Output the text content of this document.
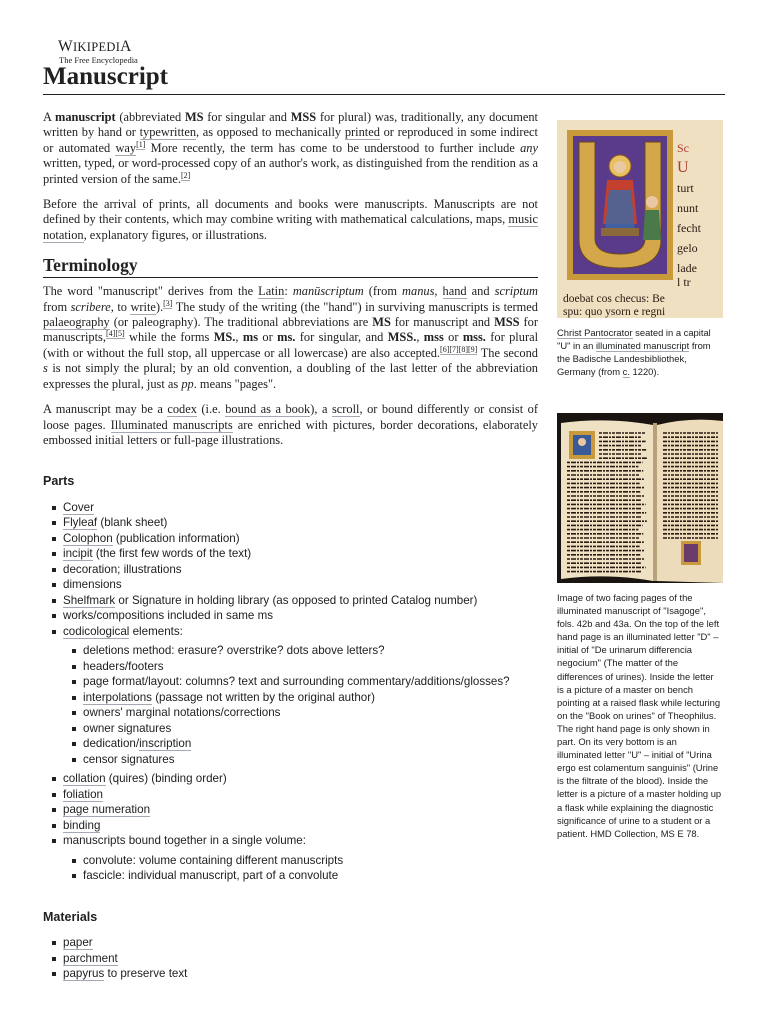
WIKIPEDIA
The Free Encyclopedia
Manuscript

A manuscript (abbreviated MS for singular and MSS for plural) was, traditionally, any document written by hand or typewritten, as opposed to mechanically printed or reproduced in some indirect or automated way[1] More recently, the term has come to be understood to further include any written, typed, or word-processed copy of an author's work, as distinguished from the rendition as a printed version of the same.[2]

Before the arrival of prints, all documents and books were manuscripts. Manuscripts are not defined by their contents, which may combine writing with mathematical calculations, maps, music notation, explanatory figures, or illustrations.

Terminology

The word "manuscript" derives from the Latin: manūscriptum (from manus, hand and scriptum from scribere, to write).[3] The study of the writing (the "hand") in surviving manuscripts is termed palaeography (or paleography). The traditional abbreviations are MS for manuscript and MSS for manuscripts,[4][5] while the forms MS., ms or ms. for singular, and MSS., mss or mss. for plural (with or without the full stop, all uppercase or all lowercase) are also accepted.[6][7][8][9] The second s is not simply the plural; by an old convention, a doubling of the last letter of the abbreviation expresses the plural, just as pp. means "pages".

A manuscript may be a codex (i.e. bound as a book), a scroll, or bound differently or consist of loose pages. Illuminated manuscripts are enriched with pictures, border decorations, elaborately embossed initial letters or full-page illustrations.

Parts
Cover
Flyleaf (blank sheet)
Colophon (publication information)
incipit (the first few words of the text)
decoration; illustrations
dimensions
Shelfmark or Signature in holding library (as opposed to printed Catalog number)
works/compositions included in same ms
codicological elements:
deletions method: erasure? overstrike? dots above letters?
headers/footers
page format/layout: columns? text and surrounding commentary/additions/glosses?
interpolations (passage not written by the original author)
owners' marginal notations/corrections
owner signatures
dedication/inscription
censor signatures
collation (quires) (binding order)
foliation
page numeration
binding
manuscripts bound together in a single volume:
convolute: volume containing different manuscripts
fascicle: individual manuscript, part of a convolute
Materials
paper
parchment
papyrus to preserve text
Sc
U
turt
nunt
fecht
gelo
lade
l tr
doebat cos checus: Be
spu: quo ysorn e regni
Christ Pantocrator seated in a capital "U" in an illuminated manuscript from the Badische Landesbibliothek, Germany (from c. 1220).
Image of two facing pages of the illuminated manuscript of "Isagoge", fols. 42b and 43a. On the top of the left hand page is an illuminated letter "D" – initial of "De urinarum differencia negocium" (The matter of the differences of urines). Inside the letter is a picture of a master on bench pointing at a raised flask while lecturing on the "Book on urines" of Theophilus. The right hand page is only shown in part. On its very bottom is an illuminated letter "U" – initial of "Urina ergo est colamentum sanguinis" (Urine is the filtrate of the blood). Inside the letter is a picture of a master holding up a flask while explaining the diagnostic significance of urine to a student or a patient. HMD Collection, MS E 78.
